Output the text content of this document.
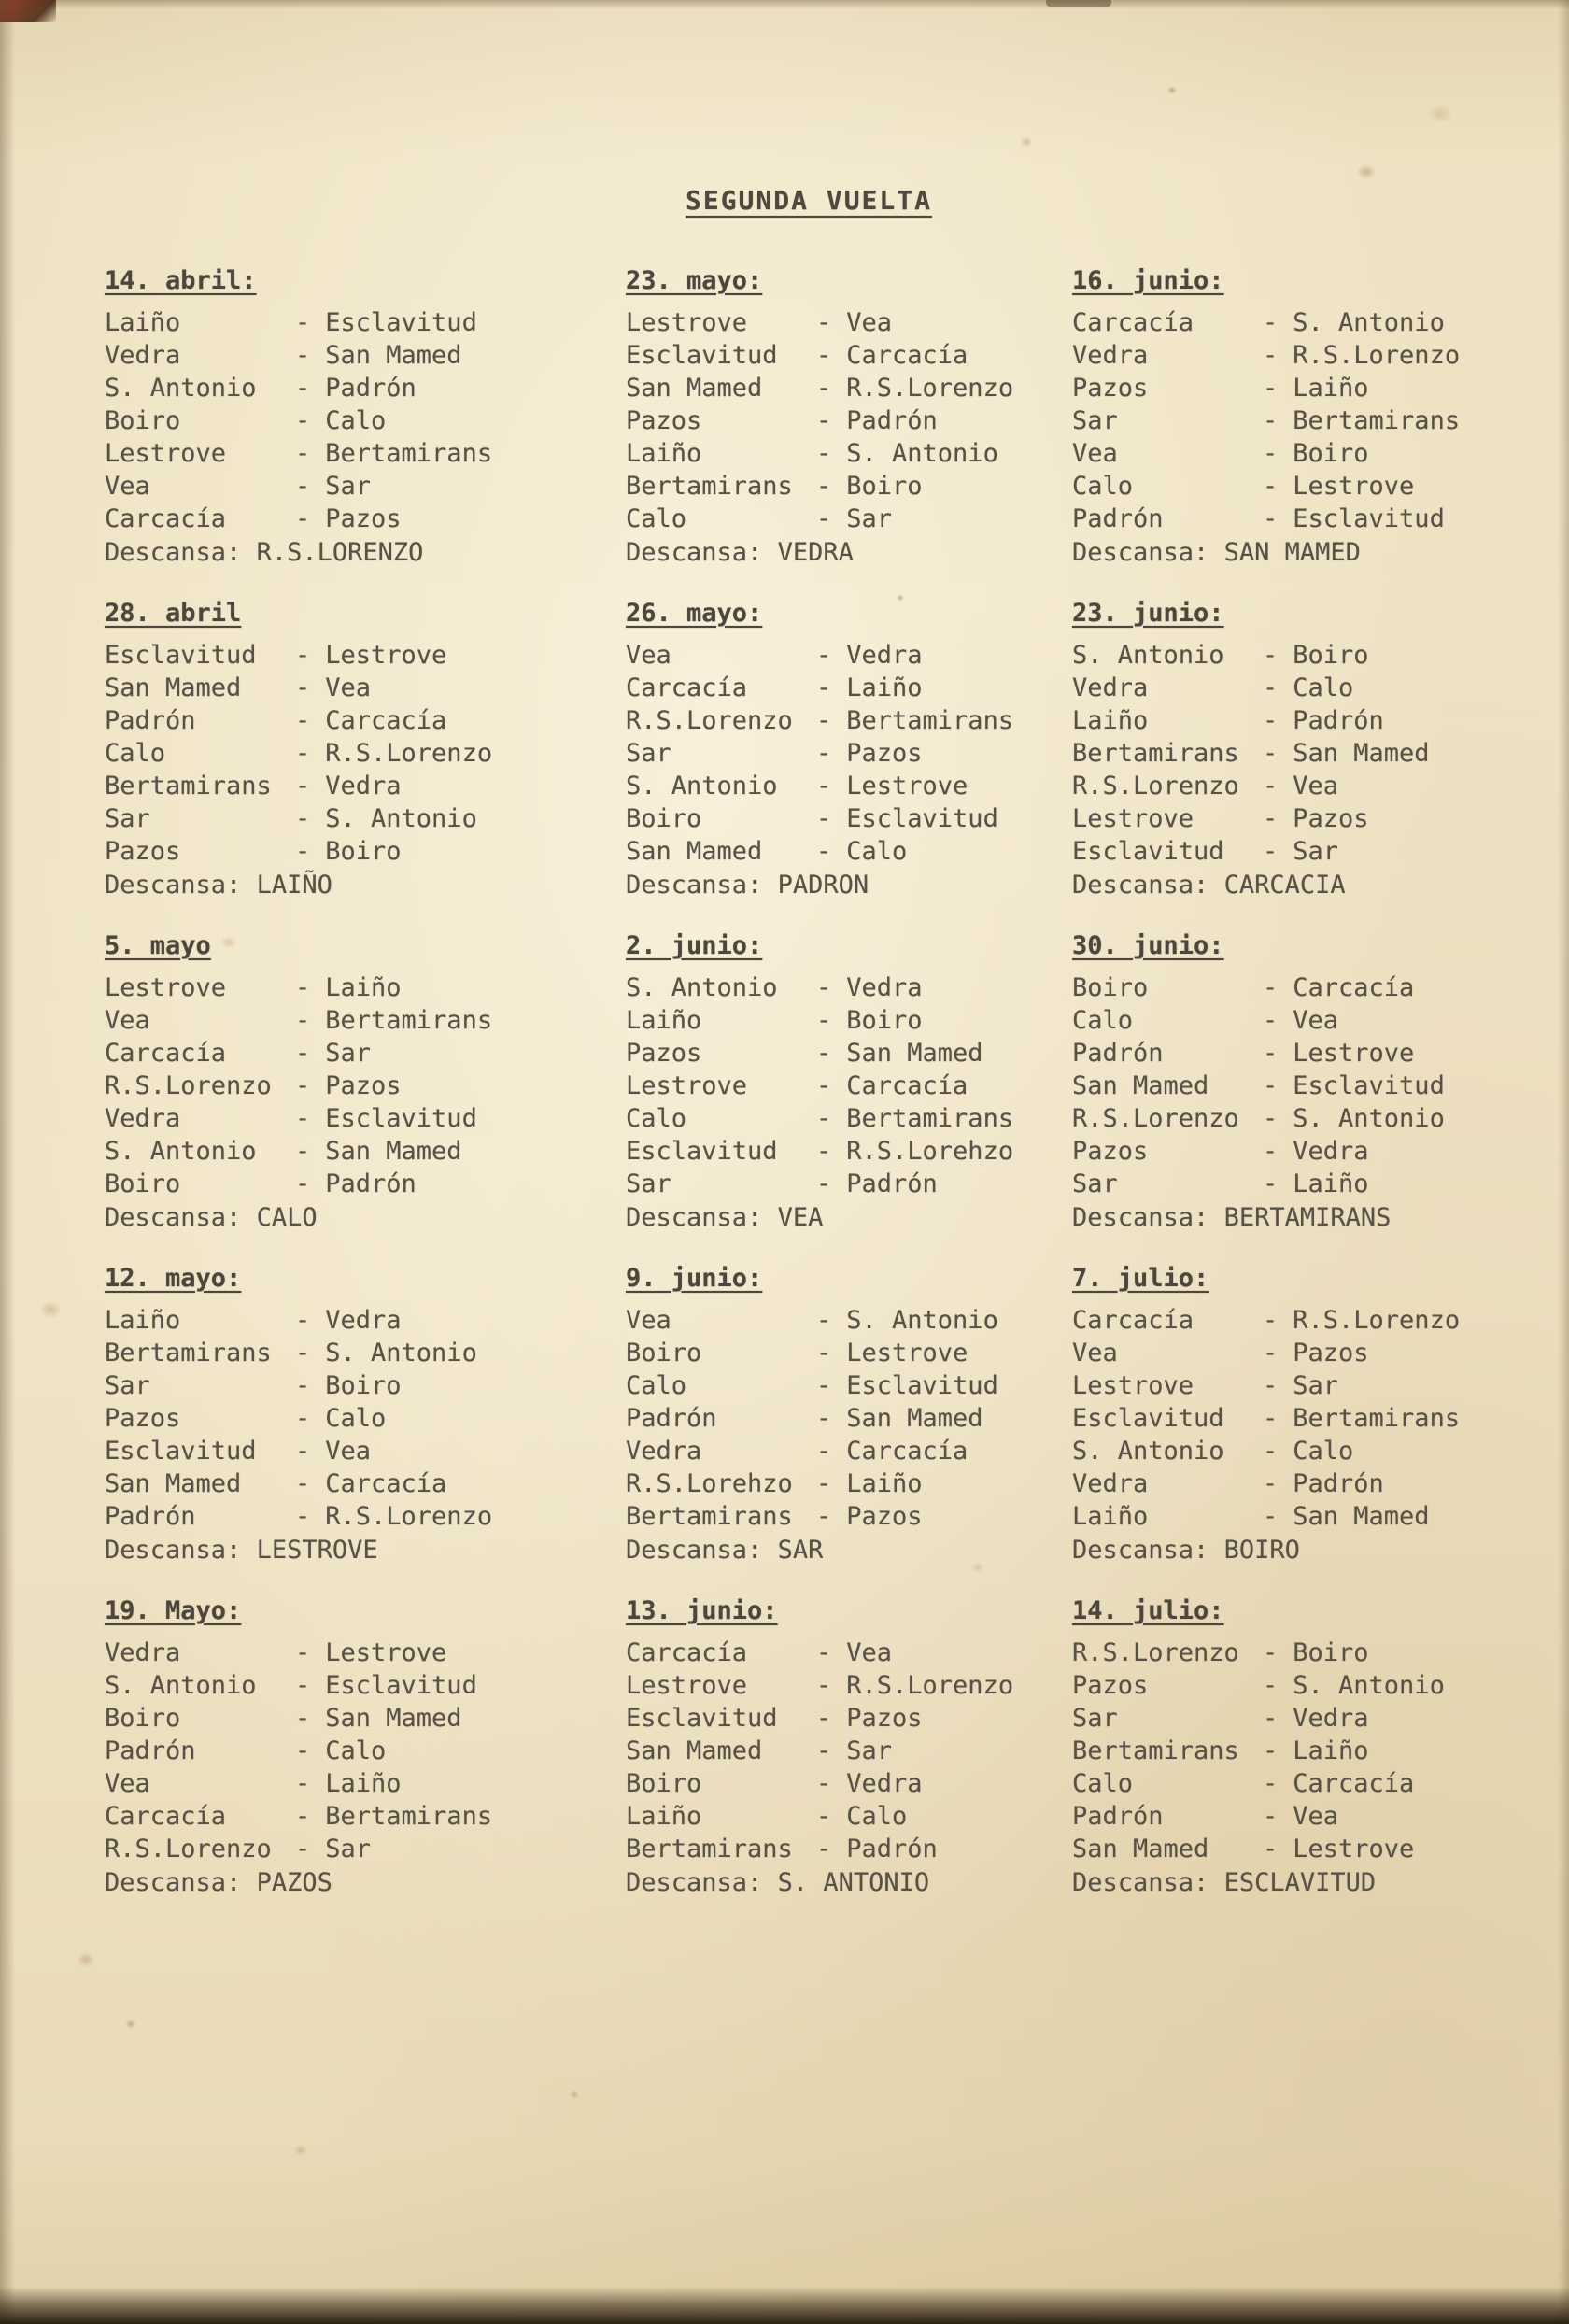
SEGUNDA VUELTA
14. abril:
Laiño	- Esclavitud
Vedra	- San Mamed
S. Antonio - Padrón
Boiro	- Calo
Lestrove	- Bertamirans
Vea	- Sar
Carcacía	- Pazos
Descansa: R.S.LORENZO
28. abril
Esclavitud - Lestrove
San Mamed - Vea
Padrón	- Carcacía
Calo	- R.S.Lorenzo
Bertamirans - Vedra
Sar	- S. Antonio
Pazos	- Boiro
Descansa: LAIÑO
5. mayo
Lestrove	- Laiño
Vea	- Bertamirans
Carcacía	- Sar
R.S.Lorenzo - Pazos
Vedra	- Esclavitud
S. Antonio - San Mamed
Boiro	- Padrón
Descansa: CALO
12. mayo:
Laiño	- Vedra
Bertamirans - S. Antonio
Sar	- Boiro
Pazos	- Calo
Esclavitud - Vea
San Mamed - Carcacía
Padrón	- R.S.Lorenzo
Descansa: LESTROVE
19. Mayo:
Vedra	- Lestrove
S. Antonio - Esclavitud
Boiro	- San Mamed
Padrón	- Calo
Vea	- Laiño
Carcacía	- Bertamirans
R.S.Lorenzo - Sar
Descansa: PAZOS
23. mayo:
Lestrove	- Vea
Esclavitud - Carcacía
San Mamed - R.S.Lorenzo
Pazos	- Padrón
Laiño	- S. Antonio
Bertamirans - Boiro
Calo	- Sar
Descansa: VEDRA
26. mayo:
Vea	- Vedra
Carcacía	- Laiño
R.S.Lorenzo - Bertamirans
Sar	- Pazos
S. Antonio - Lestrove
Boiro	- Esclavitud
San Mamed - Calo
Descansa: PADRON
2. junio:
S. Antonio - Vedra
Laiño	- Boiro
Pazos	- San Mamed
Lestrove	- Carcacía
Calo	- Bertamirans
Esclavitud - R.S.Lorehzo
Sar	- Padrón
Descansa: VEA
9. junio:
Vea	- S. Antonio
Boiro	- Lestrove
Calo	- Esclavitud
Padrón	- San Mamed
Vedra	- Carcacía
R.S.Lorehzo - Laiño
Bertamirans - Pazos
Descansa: SAR
13. junio:
Carcacía	- Vea
Lestrove	- R.S.Lorenzo
Esclavitud - Pazos
San Mamed - Sar
Boiro	- Vedra
Laiño	- Calo
Bertamirans - Padrón
Descansa: S. ANTONIO
16. junio:
Carcacía	- S. Antonio
Vedra	- R.S.Lorenzo
Pazos	- Laiño
Sar	- Bertamirans
Vea	- Boiro
Calo	- Lestrove
Padrón	- Esclavitud
Descansa: SAN MAMED
23. junio:
S. Antonio - Boiro
Vedra	- Calo
Laiño	- Padrón
Bertamirans - San Mamed
R.S.Lorenzo - Vea
Lestrove	- Pazos
Esclavitud - Sar
Descansa: CARCACIA
30. junio:
Boiro	- Carcacía
Calo	- Vea
Padrón	- Lestrove
San Mamed - Esclavitud
R.S.Lorenzo - S. Antonio
Pazos	- Vedra
Sar	- Laiño
Descansa: BERTAMIRANS
7. julio:
Carcacía	- R.S.Lorenzo
Vea	- Pazos
Lestrove	- Sar
Esclavitud - Bertamirans
S. Antonio - Calo
Vedra	- Padrón
Laiño	- San Mamed
Descansa: BOIRO
14. julio:
R.S.Lorenzo - Boiro
Pazos	- S. Antonio
Sar	- Vedra
Bertamirans - Laiño
Calo	- Carcacía
Padrón	- Vea
San Mamed - Lestrove
Descansa: ESCLAVITUD
